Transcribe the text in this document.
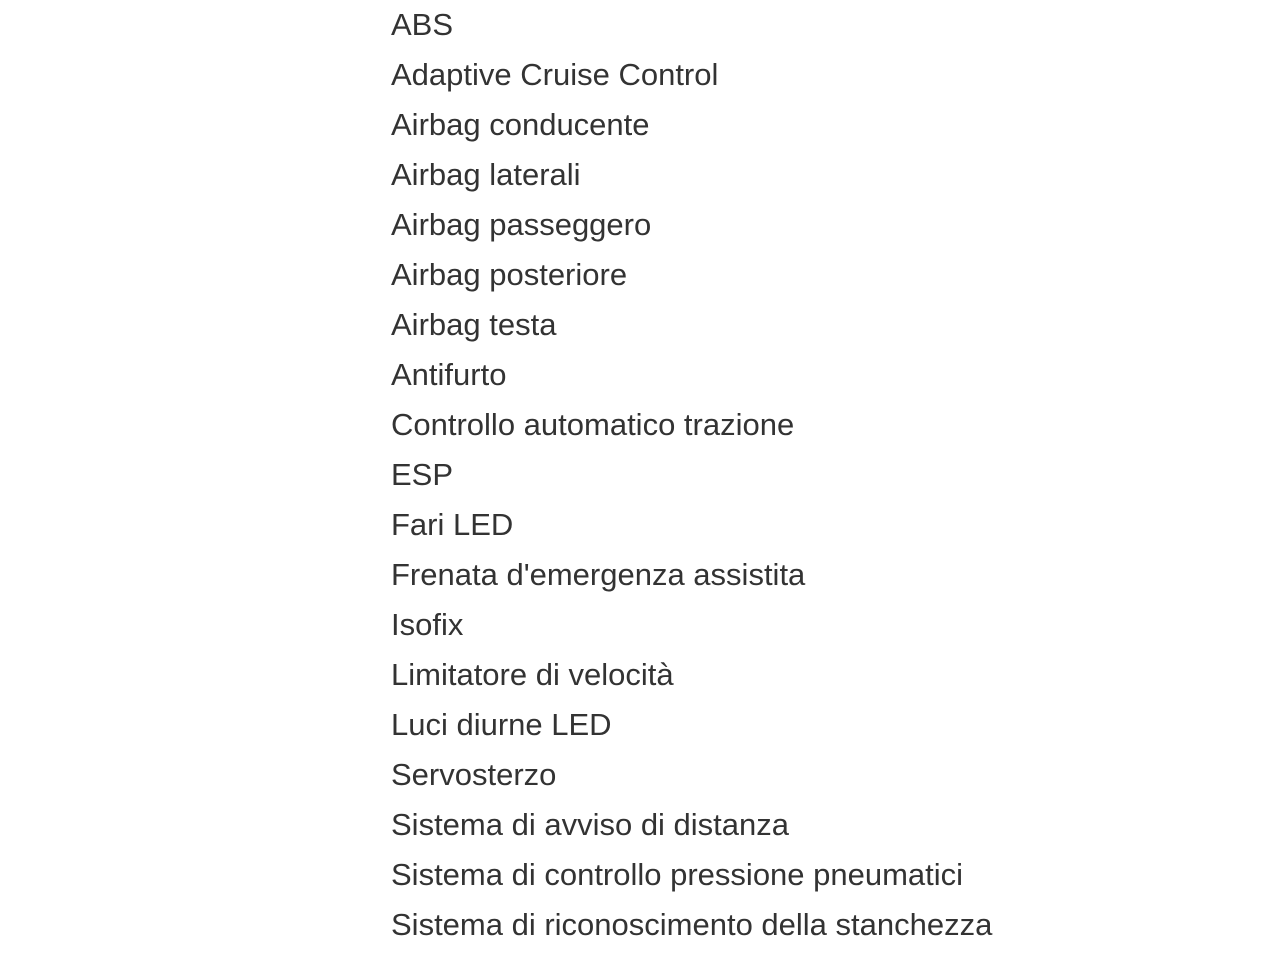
ABS
Adaptive Cruise Control
Airbag conducente
Airbag laterali
Airbag passeggero
Airbag posteriore
Airbag testa
Antifurto
Controllo automatico trazione
ESP
Fari LED
Frenata d'emergenza assistita
Isofix
Limitatore di velocità
Luci diurne LED
Servosterzo
Sistema di avviso di distanza
Sistema di controllo pressione pneumatici
Sistema di riconoscimento della stanchezza
